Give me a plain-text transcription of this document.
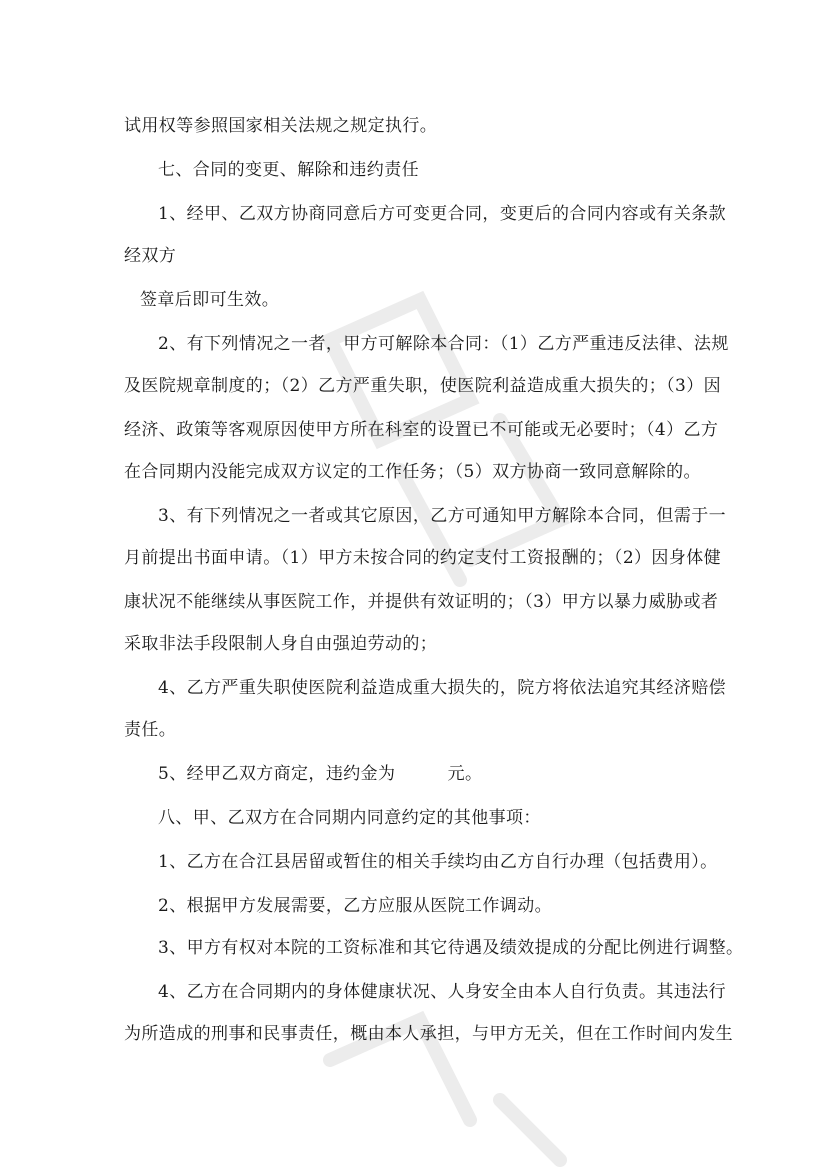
试用权等参照国家相关法规之规定执行。
七、合同的变更、解除和违约责任
1、经甲、乙双方协商同意后方可变更合同，变更后的合同内容或有关条款
经双方
签章后即可生效。
2、有下列情况之一者，甲方可解除本合同：（1）乙方严重违反法律、法规
及医院规章制度的；（2）乙方严重失职，使医院利益造成重大损失的；（3）因
经济、政策等客观原因使甲方所在科室的设置已不可能或无必要时；（4）乙方
在合同期内没能完成双方议定的工作任务；（5）双方协商一致同意解除的。
3、有下列情况之一者或其它原因，乙方可通知甲方解除本合同，但需于一
月前提出书面申请。（1）甲方未按合同的约定支付工资报酬的；（2）因身体健
康状况不能继续从事医院工作，并提供有效证明的；（3）甲方以暴力威胁或者
采取非法手段限制人身自由强迫劳动的；
4、乙方严重失职使医院利益造成重大损失的，院方将依法追究其经济赔偿
责任。
5、经甲乙双方商定，违约金为　　　元。
八、甲、乙双方在合同期内同意约定的其他事项：
1、乙方在合江县居留或暂住的相关手续均由乙方自行办理（包括费用）。
2、根据甲方发展需要，乙方应服从医院工作调动。
3、甲方有权对本院的工资标准和其它待遇及绩效提成的分配比例进行调整。
4、乙方在合同期内的身体健康状况、人身安全由本人自行负责。其违法行
为所造成的刑事和民事责任，概由本人承担，与甲方无关，但在工作时间内发生
